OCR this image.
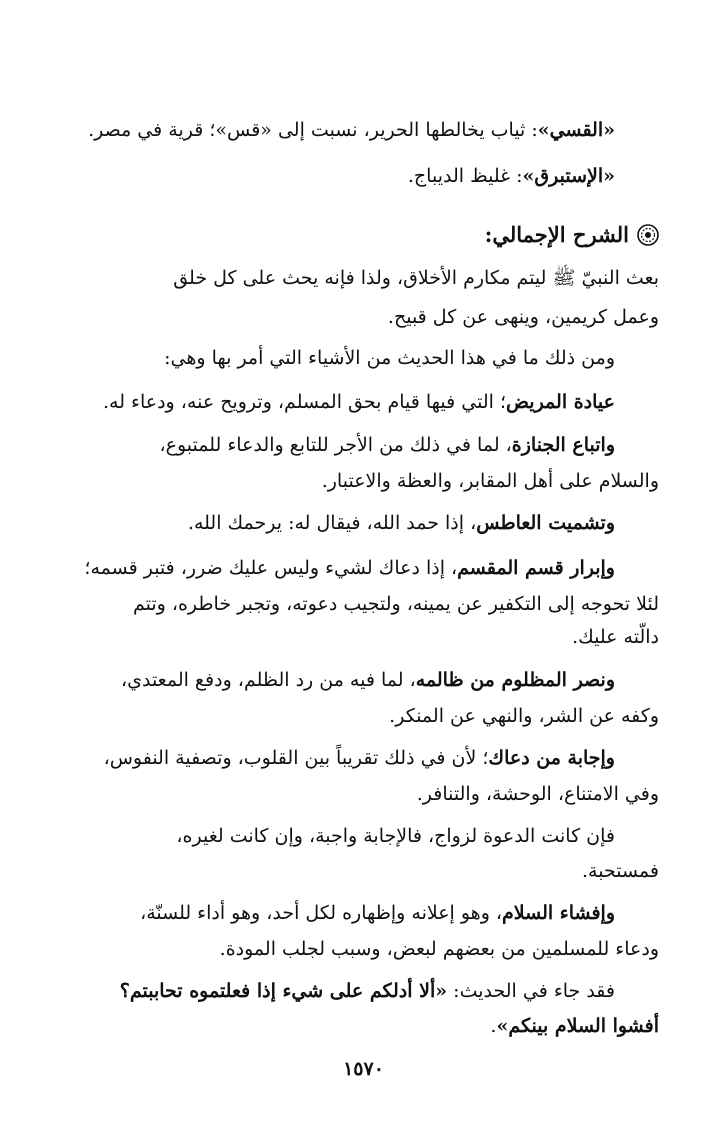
«القسي»: ثياب يخالطها الحرير، نسبت إلى «قس»؛ قرية في مصر.
«الإستبرق»: غليظ الديباج.
الشرح الإجمالي:
بعث النبيّ ﷺ ليتم مكارم الأخلاق، ولذا فإنه يحث على كل خلق
وعمل كريمين، وينهى عن كل قبيح.
ومن ذلك ما في هذا الحديث من الأشياء التي أمر بها وهي:
عيادة المريض؛ التي فيها قيام بحق المسلم، وترويح عنه، ودعاء له.
واتباع الجنازة، لما في ذلك من الأجر للتابع والدعاء للمتبوع،
والسلام على أهل المقابر، والعظة والاعتبار.
وتشميت العاطس، إذا حمد الله، فيقال له: يرحمك الله.
وإبرار قسم المقسم، إذا دعاك لشيء وليس عليك ضرر، فتبر قسمه؛
لئلا تحوجه إلى التكفير عن يمينه، ولتجيب دعوته، وتجبر خاطره، وتتم
دالّته عليك.
ونصر المظلوم من ظالمه، لما فيه من رد الظلم، ودفع المعتدي،
وكفه عن الشر، والنهي عن المنكر.
وإجابة من دعاك؛ لأن في ذلك تقريباً بين القلوب، وتصفية النفوس،
وفي الامتناع، الوحشة، والتنافر.
فإن كانت الدعوة لزواج، فالإجابة واجبة، وإن كانت لغيره،
فمستحبة.
وإفشاء السلام، وهو إعلانه وإظهاره لكل أحد، وهو أداء للسنّة،
ودعاء للمسلمين من بعضهم لبعض، وسبب لجلب المودة.
فقد جاء في الحديث: «ألا أدلكم على شيء إذا فعلتموه تحاببتم؟
أفشوا السلام بينكم».
١٥٧٠
